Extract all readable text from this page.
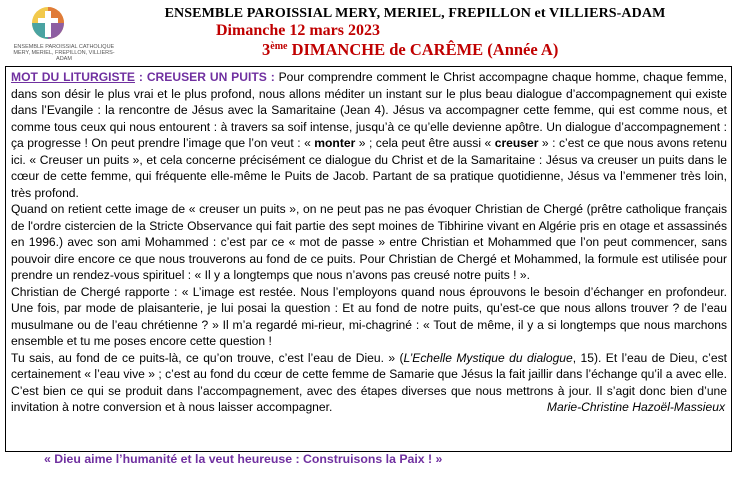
ENSEMBLE PAROISSIAL CATHOLIQUE
MERY, MERIEL, FREPILLON, VILLIERS-ADAM
ENSEMBLE PAROISSIAL MERY, MERIEL, FREPILLON et VILLIERS-ADAM
Dimanche 12 mars 2023
3ème DIMANCHE de CARÊME (Année A)

MOT DU LITURGISTE : CREUSER UN PUITS : Pour comprendre comment le Christ accompagne chaque homme, chaque femme, dans son désir le plus vrai et le plus profond, nous allons méditer un instant sur le plus beau dialogue d’accompagnement qui existe dans l’Evangile : la rencontre de Jésus avec la Samaritaine (Jean 4). Jésus va accompagner cette femme, qui est comme nous, et comme tous ceux qui nous entourent : à travers sa soif intense, jusqu’à ce qu’elle devienne apôtre. Un dialogue d’accompagnement : ça progresse ! On peut prendre l’image que l’on veut : « monter » ; cela peut être aussi « creuser » : c’est ce que nous avons retenu ici. « Creuser un puits », et cela concerne précisément ce dialogue du Christ et de la Samaritaine : Jésus va creuser un puits dans le cœur de cette femme, qui fréquente elle-même le Puits de Jacob. Partant de sa pratique quotidienne, Jésus va l’emmener très loin, très profond.

Quand on retient cette image de « creuser un puits », on ne peut pas ne pas évoquer Christian de Chergé (prêtre catholique français de l'ordre cistercien de la Stricte Observance qui fait partie des sept moines de Tibhirine vivant en Algérie pris en otage et assassinés en 1996.) avec son ami Mohammed : c’est par ce « mot de passe » entre Christian et Mohammed que l’on peut commencer, sans pouvoir dire encore ce que nous trouverons au fond de ce puits. Pour Christian de Chergé et Mohammed, la formule est utilisée pour prendre un rendez-vous spirituel : « Il y a longtemps que nous n’avons pas creusé notre puits ! ».

Christian de Chergé rapporte : « L’image est restée. Nous l’employons quand nous éprouvons le besoin d’échanger en profondeur. Une fois, par mode de plaisanterie, je lui posai la question : Et au fond de notre puits, qu’est-ce que nous allons trouver ? de l’eau musulmane ou de l’eau chrétienne ? » Il m’a regardé mi-rieur, mi-chagriné : « Tout de même, il y a si longtemps que nous marchons ensemble et tu me poses encore cette question !

Tu sais, au fond de ce puits-là, ce qu’on trouve, c’est l’eau de Dieu. » (L’Echelle Mystique du dialogue, 15). Et l’eau de Dieu, c’est certainement « l’eau vive » ; c’est au fond du cœur de cette femme de Samarie que Jésus la fait jaillir dans l’échange qu’il a avec elle. C’est bien ce qui se produit dans l’accompagnement, avec des étapes diverses que nous mettrons à jour. Il s’agit donc bien d’une invitation à notre conversion et à nous laisser accompagner.	Marie-Christine Hazoël-Massieux

« Dieu aime l’humanité et la veut heureuse : Construisons la Paix ! »
